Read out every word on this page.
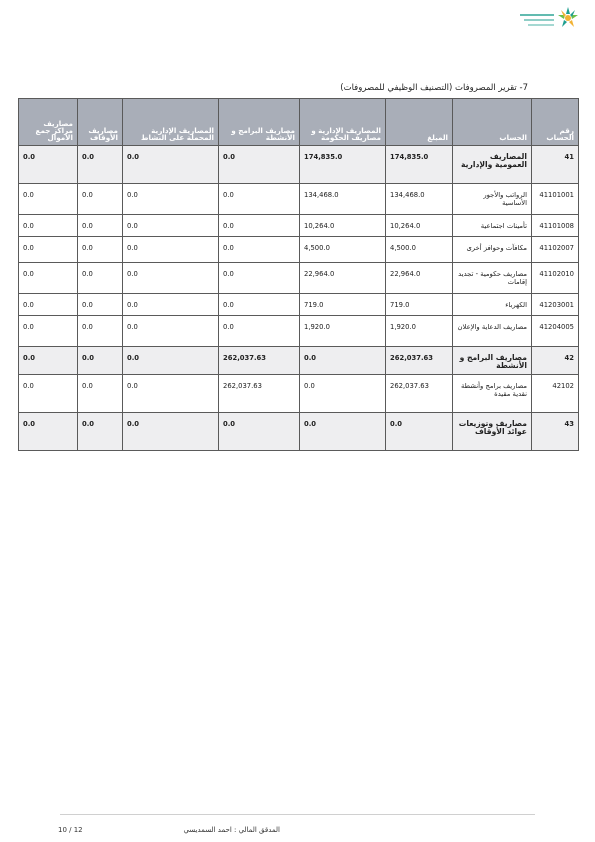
7- تقرير المصروفات (التصنيف الوظيفي للمصروفات)
رقم الحساب	الحساب	المبلغ	المصاريف الإدارية و مصاريف الحكومة	مصاريف البرامج و الأنشطة	المصاريف الإدارية المحملة على النشاط	مصاريف الأوقاف	مصاريف مراكز جمع الأموال
41	المصاريف العمومية والإدارية	174,835.0	174,835.0	0.0	0.0	0.0	0.0
41101001	الرواتب والأجور الأساسية	134,468.0	134,468.0	0.0	0.0	0.0	0.0
41101008	تأمينات اجتماعية	10,264.0	10,264.0	0.0	0.0	0.0	0.0
41102007	مكافآت وحوافز أخرى	4,500.0	4,500.0	0.0	0.0	0.0	0.0
41102010	مصاريف حكومية - تجديد إقامات	22,964.0	22,964.0	0.0	0.0	0.0	0.0
41203001	الكهرباء	719.0	719.0	0.0	0.0	0.0	0.0
41204005	مصاريف الدعاية والإعلان	1,920.0	1,920.0	0.0	0.0	0.0	0.0
42	مصاريف البرامج و الأنشطة	262,037.63	0.0	262,037.63	0.0	0.0	0.0
42102	مصاريف برامج وأنشطة نقدية مقيدة	262,037.63	0.0	262,037.63	0.0	0.0	0.0
43	مصاريف وتوزيعات عوائد الأوقاف	0.0	0.0	0.0	0.0	0.0	0.0
المدقق المالي : احمد السمديسي
10 / 12
